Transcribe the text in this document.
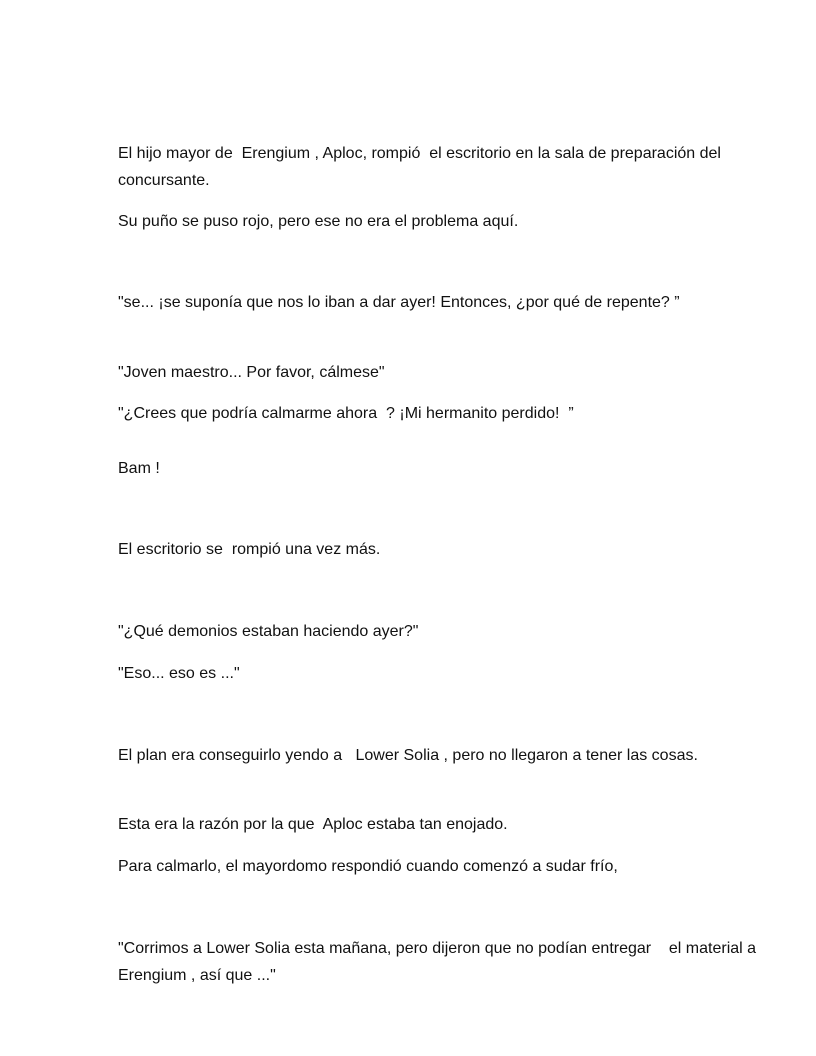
El hijo mayor de  Erengium , Aploc, rompió  el escritorio en la sala de preparación del concursante.

Su puño se puso rojo, pero ese no era el problema aquí.

"se... ¡se suponía que nos lo iban a dar ayer! Entonces, ¿por qué de repente? ”

"Joven maestro... Por favor, cálmese"

"¿Crees que podría calmarme ahora  ? ¡Mi hermanito perdido!  ”

Bam !

El escritorio se  rompió una vez más.

"¿Qué demonios estaban haciendo ayer?"

"Eso... eso es ..."

El plan era conseguirlo yendo a   Lower Solia , pero no llegaron a tener las cosas.

Esta era la razón por la que  Aploc estaba tan enojado.

Para calmarlo, el mayordomo respondió cuando comenzó a sudar frío,

"Corrimos a Lower Solia esta mañana, pero dijeron que no podían entregar    el material a  Erengium , así que ..."
